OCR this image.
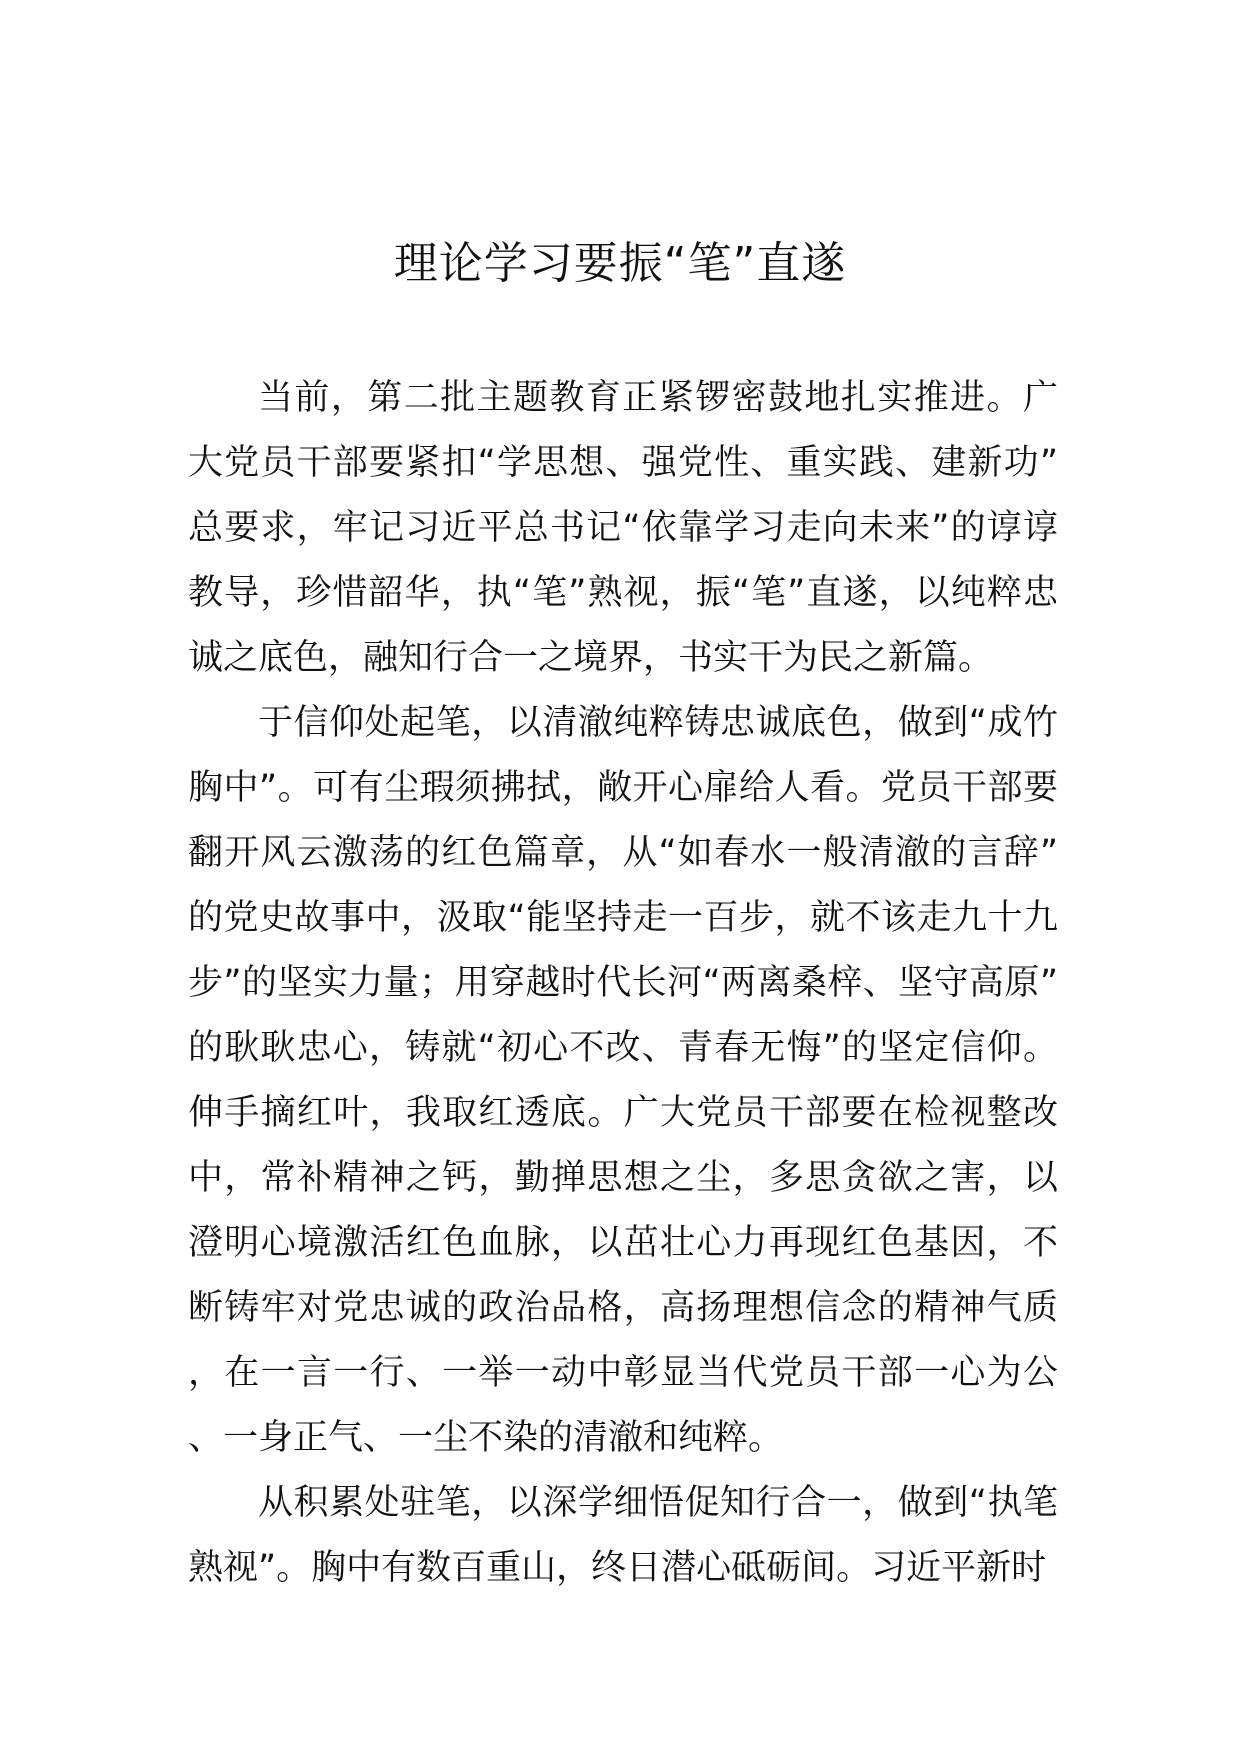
理论学习要振“笔”直遂

当前，第二批主题教育正紧锣密鼓地扎实推进。广大党员干部要紧扣“学思想、强党性、重实践、建新功”总要求，牢记习近平总书记“依靠学习走向未来”的谆谆教导，珍惜韶华，执“笔”熟视，振“笔”直遂，以纯粹忠诚之底色，融知行合一之境界，书实干为民之新篇。

于信仰处起笔，以清澈纯粹铸忠诚底色，做到“成竹胸中”。可有尘瑕须拂拭，敞开心扉给人看。党员干部要翻开风云激荡的红色篇章，从“如春水一般清澈的言辞”的党史故事中，汲取“能坚持走一百步，就不该走九十九步”的坚实力量；用穿越时代长河“两离桑梓、坚守高原”的耿耿忠心，铸就“初心不改、青春无悔”的坚定信仰。伸手摘红叶，我取红透底。广大党员干部要在检视整改中，常补精神之钙，勤掸思想之尘，多思贪欲之害，以澄明心境激活红色血脉，以茁壮心力再现红色基因，不断铸牢对党忠诚的政治品格，高扬理想信念的精神气质，在一言一行、一举一动中彰显当代党员干部一心为公、一身正气、一尘不染的清澈和纯粹。

从积累处驻笔，以深学细悟促知行合一，做到“执笔熟视”。胸中有数百重山，终日潜心砥砺间。习近平新时
